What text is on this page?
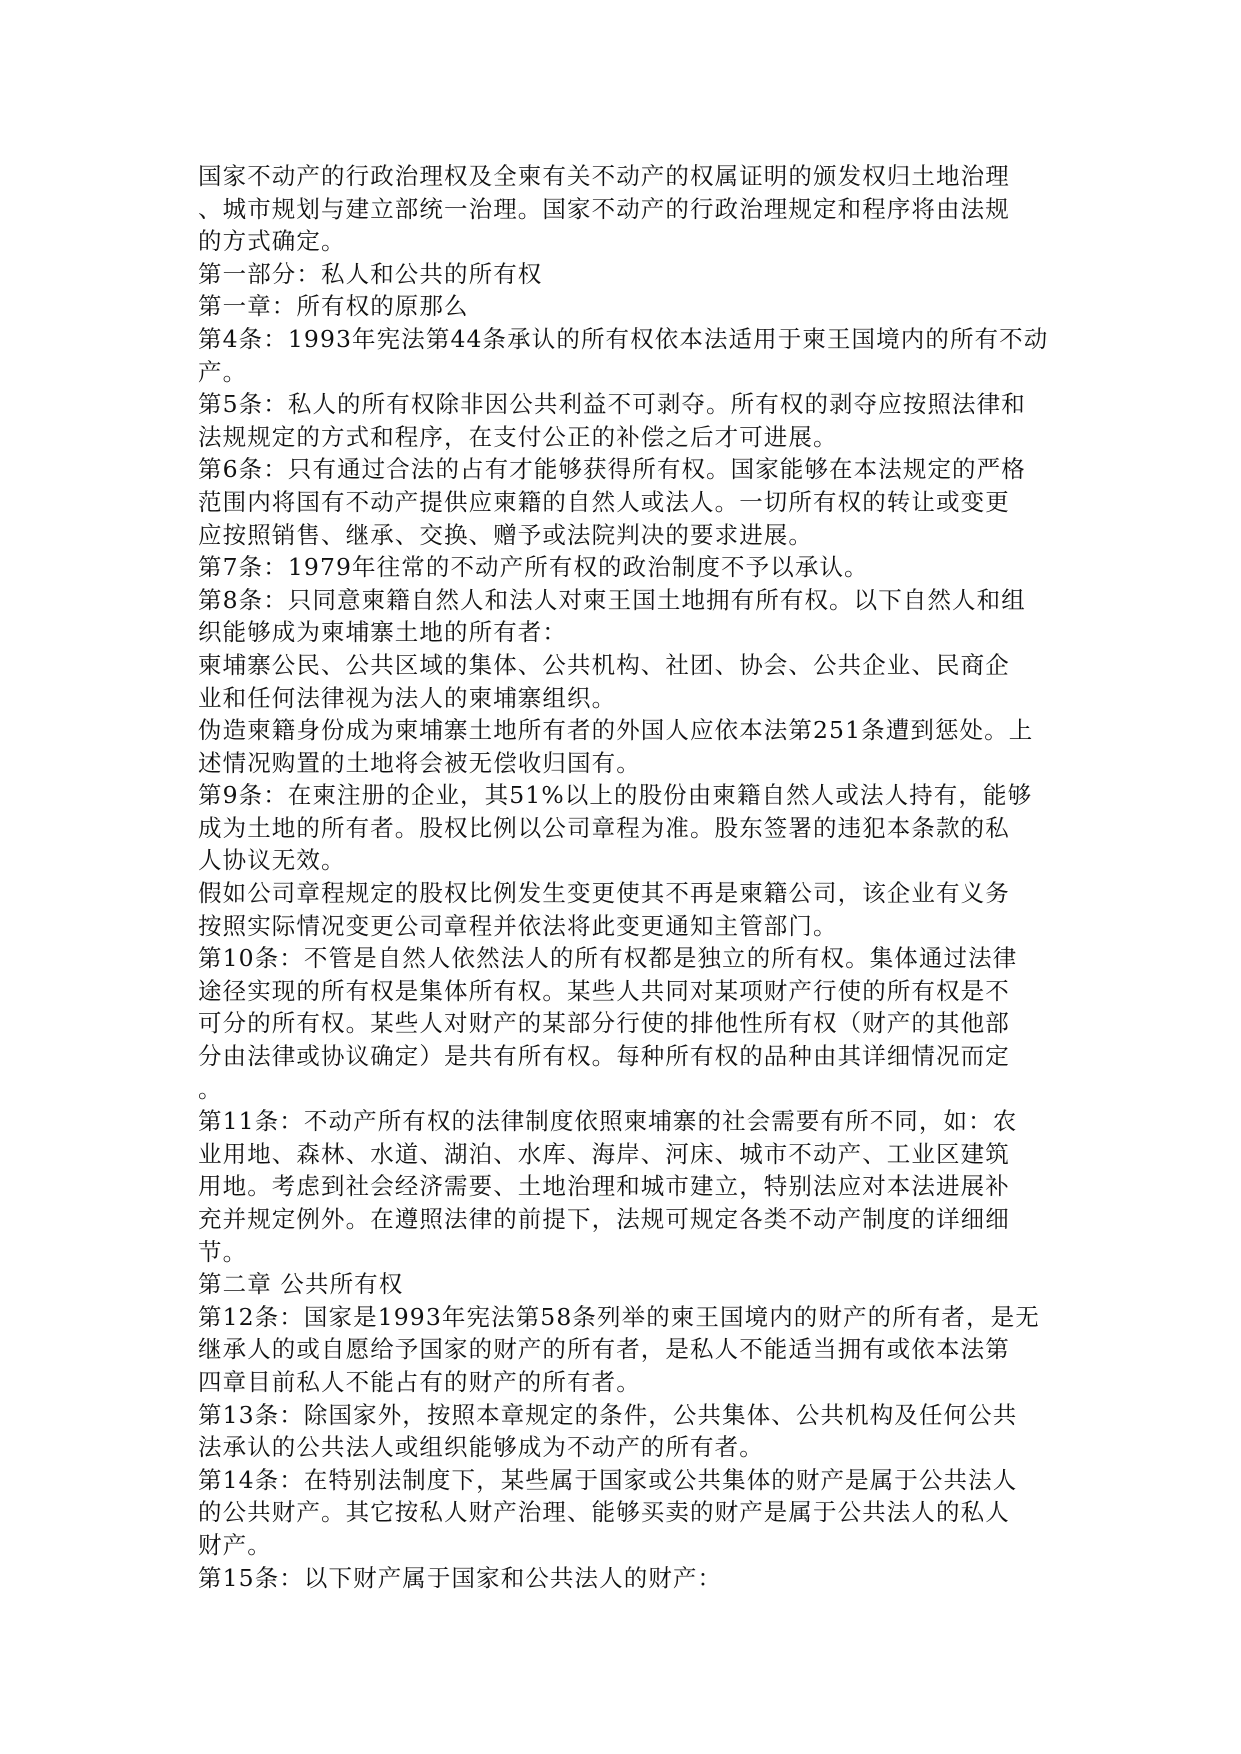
国家不动产的行政治理权及全柬有关不动产的权属证明的颁发权归土地治理
、城市规划与建立部统一治理。国家不动产的行政治理规定和程序将由法规
的方式确定。
第一部分：私人和公共的所有权
第一章：所有权的原那么
第4条：1993年宪法第44条承认的所有权依本法适用于柬王国境内的所有不动
产。
第5条：私人的所有权除非因公共利益不可剥夺。所有权的剥夺应按照法律和
法规规定的方式和程序，在支付公正的补偿之后才可进展。
第6条：只有通过合法的占有才能够获得所有权。国家能够在本法规定的严格
范围内将国有不动产提供应柬籍的自然人或法人。一切所有权的转让或变更
应按照销售、继承、交换、赠予或法院判决的要求进展。
第7条：1979年往常的不动产所有权的政治制度不予以承认。
第8条：只同意柬籍自然人和法人对柬王国土地拥有所有权。以下自然人和组
织能够成为柬埔寨土地的所有者：
柬埔寨公民、公共区域的集体、公共机构、社团、协会、公共企业、民商企
业和任何法律视为法人的柬埔寨组织。
伪造柬籍身份成为柬埔寨土地所有者的外国人应依本法第251条遭到惩处。上
述情况购置的土地将会被无偿收归国有。
第9条：在柬注册的企业，其51%以上的股份由柬籍自然人或法人持有，能够
成为土地的所有者。股权比例以公司章程为准。股东签署的违犯本条款的私
人协议无效。
假如公司章程规定的股权比例发生变更使其不再是柬籍公司，该企业有义务
按照实际情况变更公司章程并依法将此变更通知主管部门。
第10条：不管是自然人依然法人的所有权都是独立的所有权。集体通过法律
途径实现的所有权是集体所有权。某些人共同对某项财产行使的所有权是不
可分的所有权。某些人对财产的某部分行使的排他性所有权（财产的其他部
分由法律或协议确定）是共有所有权。每种所有权的品种由其详细情况而定
。
第11条：不动产所有权的法律制度依照柬埔寨的社会需要有所不同，如：农
业用地、森林、水道、湖泊、水库、海岸、河床、城市不动产、工业区建筑
用地。考虑到社会经济需要、土地治理和城市建立，特别法应对本法进展补
充并规定例外。在遵照法律的前提下，法规可规定各类不动产制度的详细细
节。
第二章 公共所有权
第12条：国家是1993年宪法第58条列举的柬王国境内的财产的所有者，是无
继承人的或自愿给予国家的财产的所有者，是私人不能适当拥有或依本法第
四章目前私人不能占有的财产的所有者。
第13条：除国家外，按照本章规定的条件，公共集体、公共机构及任何公共
法承认的公共法人或组织能够成为不动产的所有者。
第14条：在特别法制度下，某些属于国家或公共集体的财产是属于公共法人
的公共财产。其它按私人财产治理、能够买卖的财产是属于公共法人的私人
财产。
第15条：以下财产属于国家和公共法人的财产：
